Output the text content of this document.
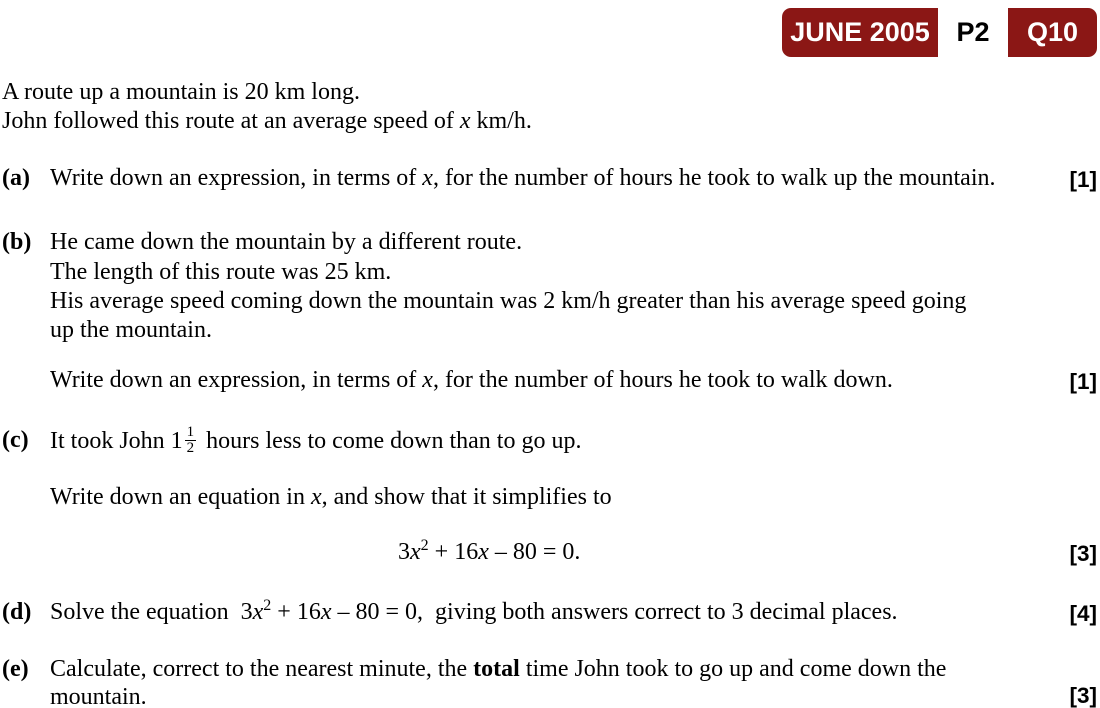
JUNE 2005 P2 Q10

A route up a mountain is 20 km long.

John followed this route at an average speed of x km/h.

(a)

Write down an expression, in terms of x, for the number of hours he took to walk up the mountain.

	[1]

(b)

He came down the mountain by a different route.

The length of this route was 25 km.

His average speed coming down the mountain was 2 km/h greater than his average speed going

up the mountain.

Write down an expression, in terms of x, for the number of hours he took to walk down.

	[1]

(c)

It took John $1 \frac{1}{2}$ hours less to come down than to go up.

Write down an equation in x, and show that it simplifies to

$3x^2 + 16x - 80 = 0$.

	[3]

(d)

Solve the equation  $3x^2 + 16x - 80 = 0$,  giving both answers correct to 3 decimal places.

	[4]

(e)

Calculate, correct to the nearest minute, the total time John took to go up and come down the

mountain.

	[3]
